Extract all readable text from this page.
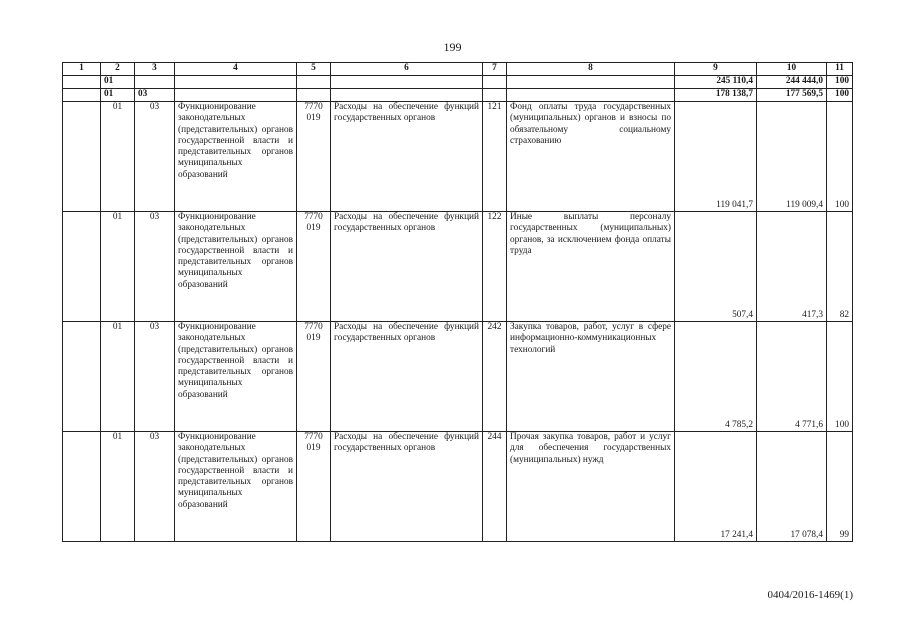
199
1	2	3	4	5	6	7	8	9	10	11
	01							245 110,4	244 444,0	100
	01	03						178 138,7	177 569,5	100
	01	03	Функционирование законодательных (представительных) органов государственной власти и представительных органов муниципальных образований	7770 019	Расходы на обеспечение функций государственных органов	121	Фонд оплаты труда государственных (муниципальных) органов и взносы по обязательному социальному страхованию	119 041,7	119 009,4	100
	01	03	Функционирование законодательных (представительных) органов государственной власти и представительных органов муниципальных образований	7770 019	Расходы на обеспечение функций государственных органов	122	Иные выплаты персоналу государственных (муниципальных) органов, за исключением фонда оплаты труда	507,4	417,3	82
	01	03	Функционирование законодательных (представительных) органов государственной власти и представительных органов муниципальных образований	7770 019	Расходы на обеспечение функций государственных органов	242	Закупка товаров, работ, услуг в сфере информационно-коммуникационных технологий	4 785,2	4 771,6	100
	01	03	Функционирование законодательных (представительных) органов государственной власти и представительных органов муниципальных образований	7770 019	Расходы на обеспечение функций государственных органов	244	Прочая закупка товаров, работ и услуг для обеспечения государственных (муниципальных) нужд	17 241,4	17 078,4	99
0404/2016-1469(1)
